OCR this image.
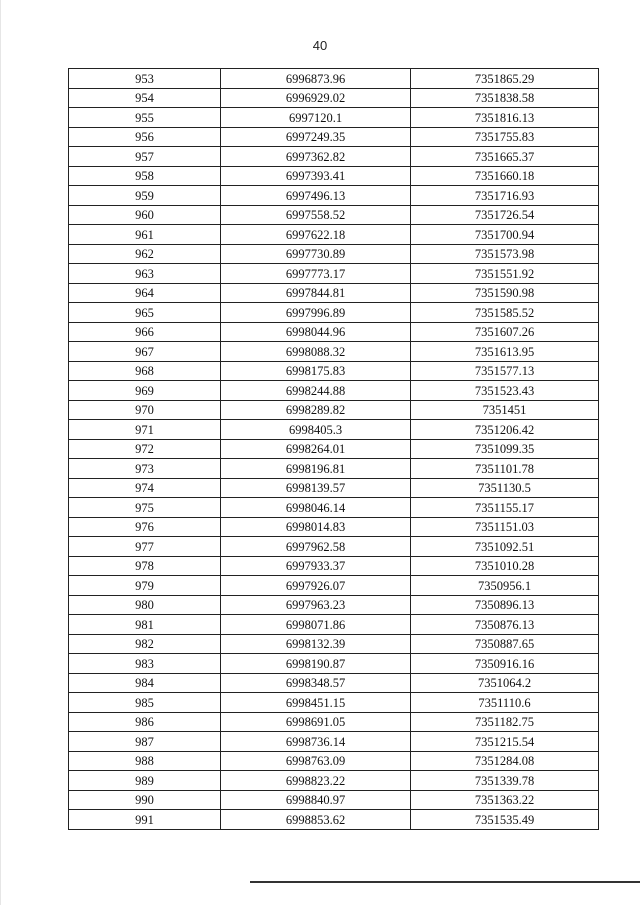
40
953	6996873.96	7351865.29
954	6996929.02	7351838.58
955	6997120.1	7351816.13
956	6997249.35	7351755.83
957	6997362.82	7351665.37
958	6997393.41	7351660.18
959	6997496.13	7351716.93
960	6997558.52	7351726.54
961	6997622.18	7351700.94
962	6997730.89	7351573.98
963	6997773.17	7351551.92
964	6997844.81	7351590.98
965	6997996.89	7351585.52
966	6998044.96	7351607.26
967	6998088.32	7351613.95
968	6998175.83	7351577.13
969	6998244.88	7351523.43
970	6998289.82	7351451
971	6998405.3	7351206.42
972	6998264.01	7351099.35
973	6998196.81	7351101.78
974	6998139.57	7351130.5
975	6998046.14	7351155.17
976	6998014.83	7351151.03
977	6997962.58	7351092.51
978	6997933.37	7351010.28
979	6997926.07	7350956.1
980	6997963.23	7350896.13
981	6998071.86	7350876.13
982	6998132.39	7350887.65
983	6998190.87	7350916.16
984	6998348.57	7351064.2
985	6998451.15	7351110.6
986	6998691.05	7351182.75
987	6998736.14	7351215.54
988	6998763.09	7351284.08
989	6998823.22	7351339.78
990	6998840.97	7351363.22
991	6998853.62	7351535.49
